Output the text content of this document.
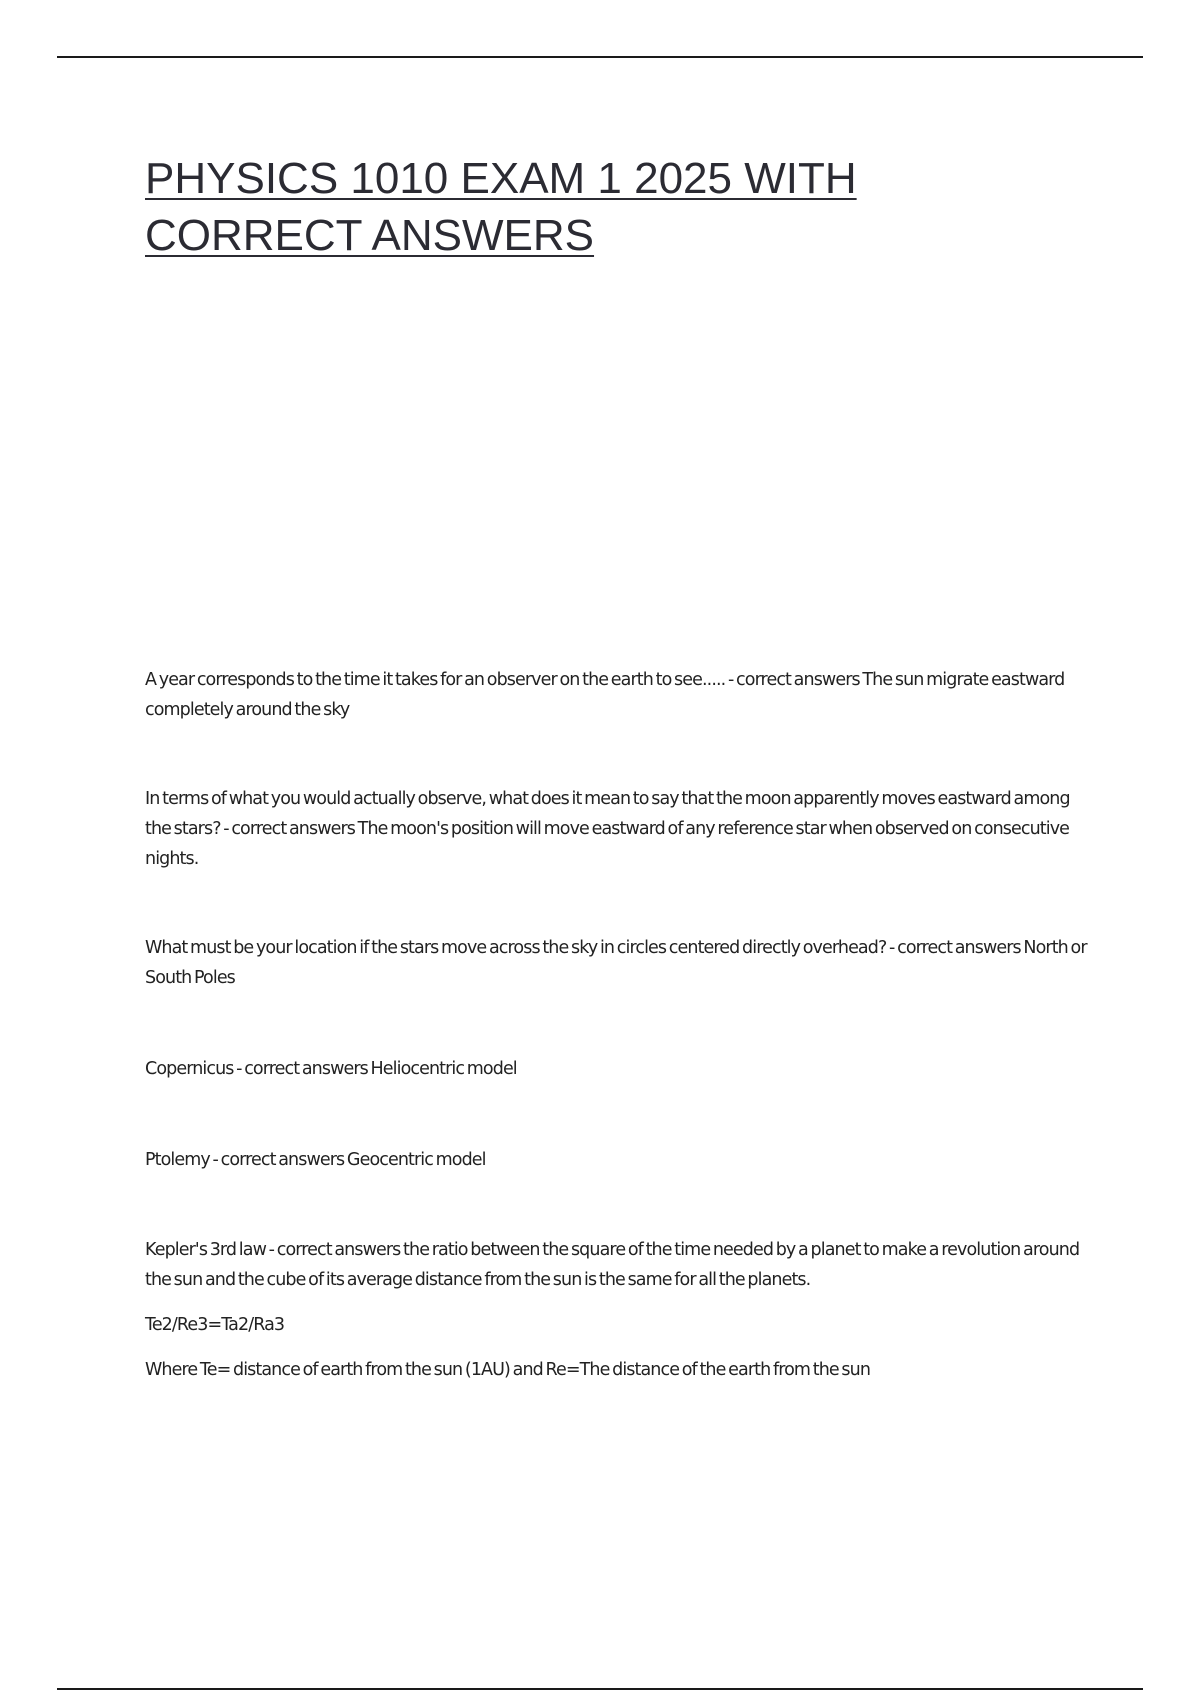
PHYSICS 1010 EXAM 1 2025 WITH
CORRECT ANSWERS

A year corresponds to the time it takes for an observer on the earth to see..... - correct answers The sun migrate eastward completely around the sky

In terms of what you would actually observe, what does it mean to say that the moon apparently moves eastward among the stars? - correct answers The moon's position will move eastward of any reference star when observed on consecutive nights.

What must be your location if the stars move across the sky in circles centered directly overhead? - correct answers North or South Poles

Copernicus - correct answers Heliocentric model

Ptolemy - correct answers Geocentric model

Kepler's 3rd law - correct answers the ratio between the square of the time needed by a planet to make a revolution around the sun and the cube of its average distance from the sun is the same for all the planets.

Te2/Re3=Ta2/Ra3

Where Te= distance of earth from the sun (1AU) and Re=The distance of the earth from the sun
